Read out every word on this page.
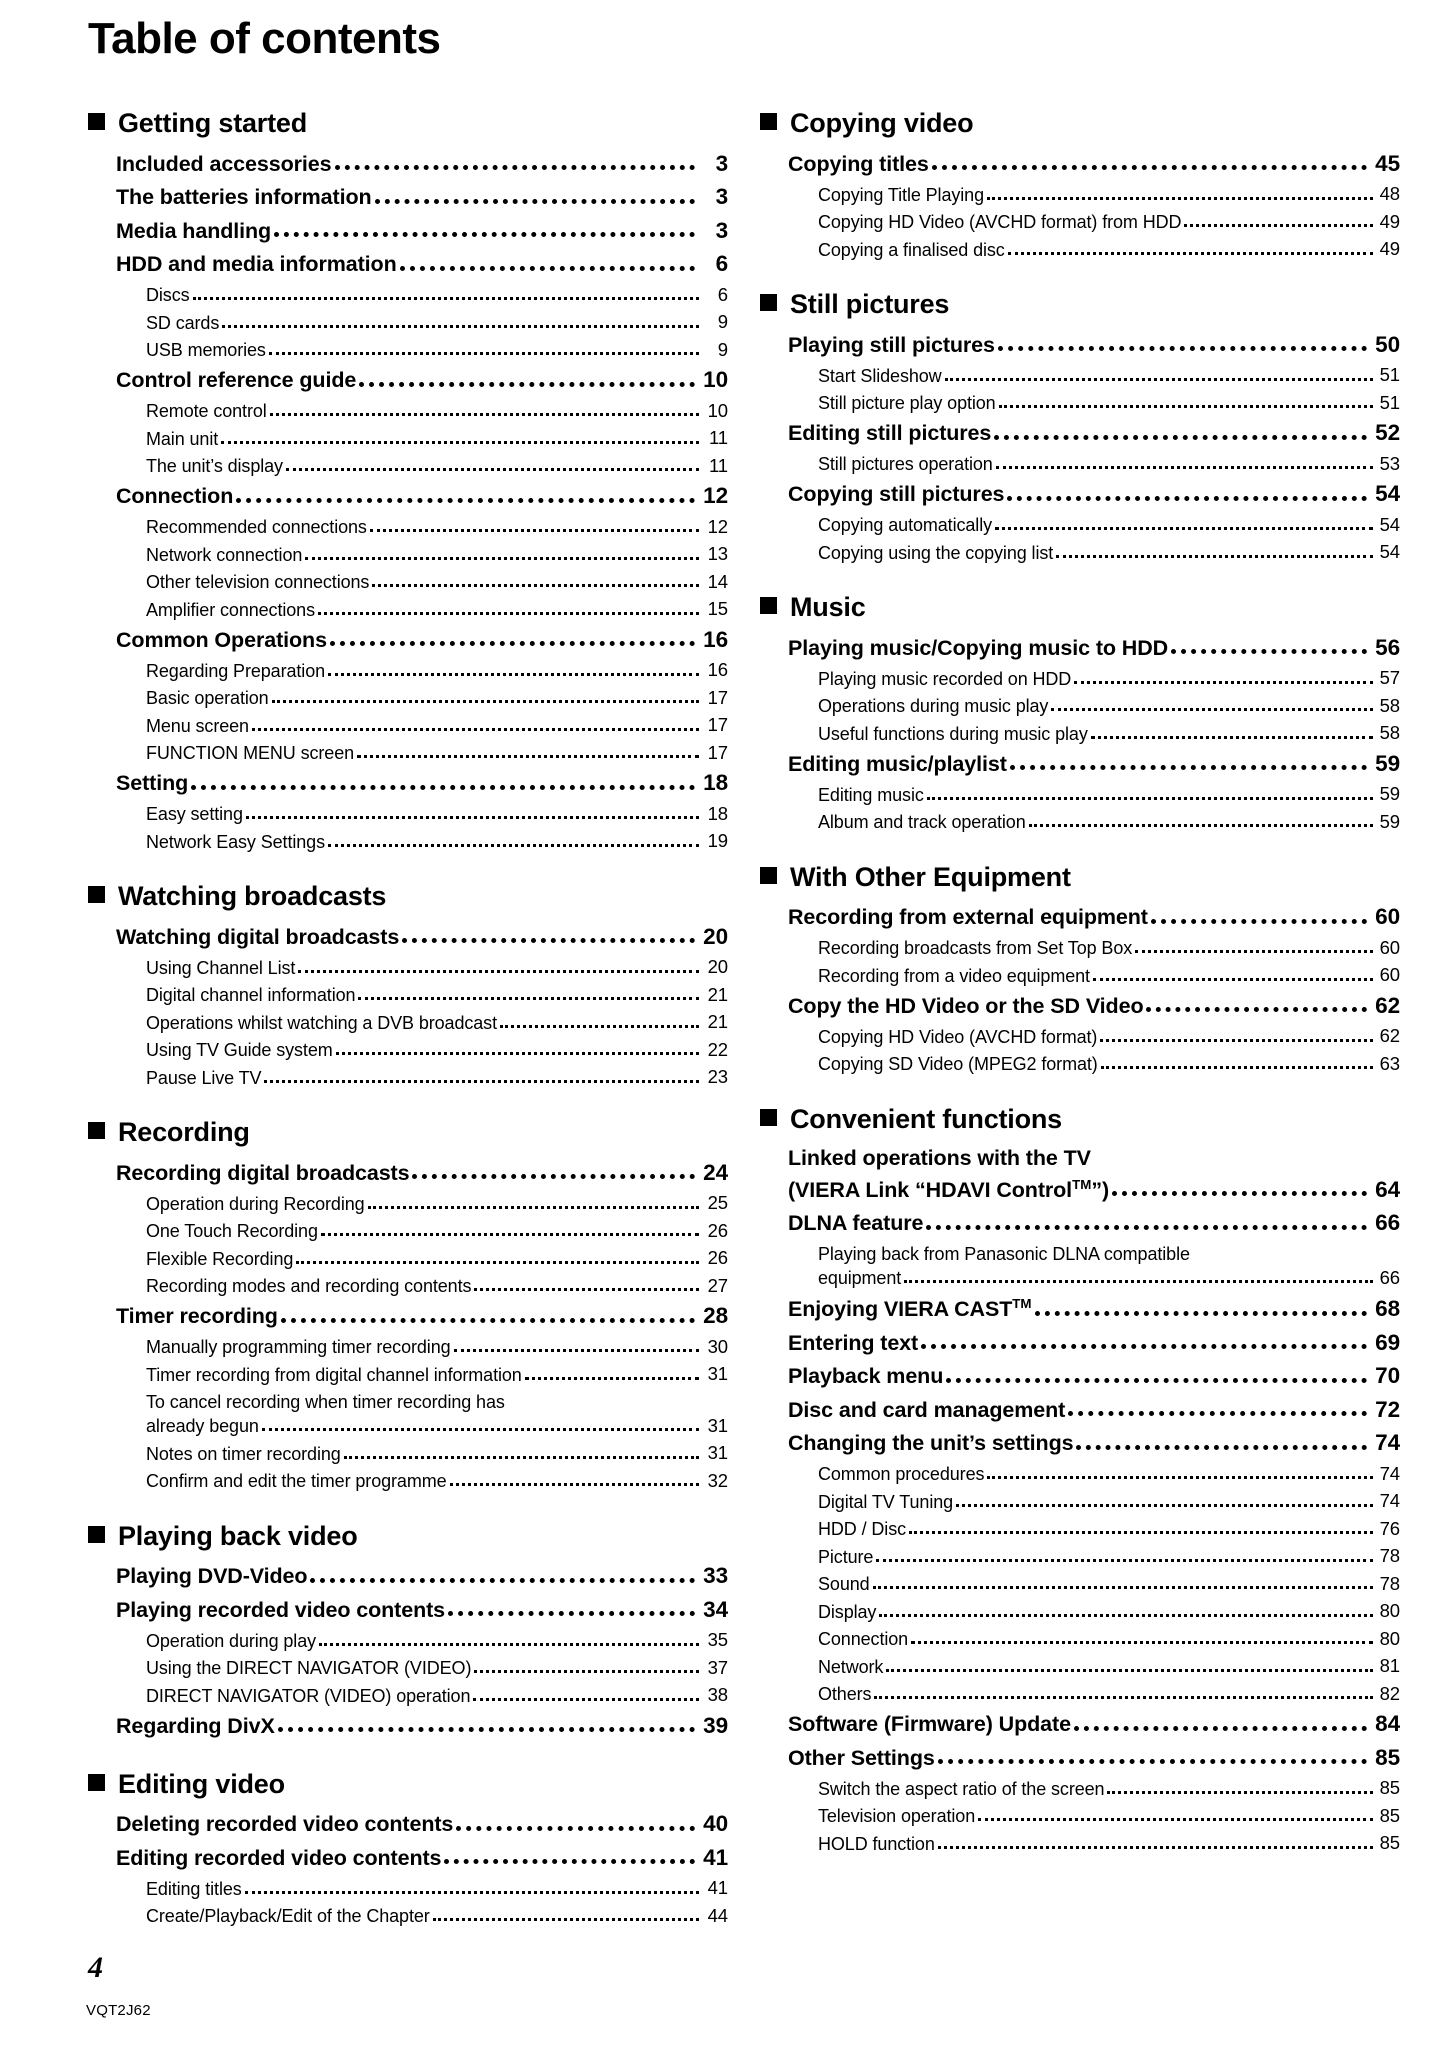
Table of contents
Getting started
Included accessories	3
The batteries information	3
Media handling	3
HDD and media information	6
Discs	6
SD cards	9
USB memories	9
Control reference guide	10
Remote control	10
Main unit	11
The unit’s display	11
Connection	12
Recommended connections	12
Network connection	13
Other television connections	14
Amplifier connections	15
Common Operations	16
Regarding Preparation	16
Basic operation	17
Menu screen	17
FUNCTION MENU screen	17
Setting	18
Easy setting	18
Network Easy Settings	19
Watching broadcasts
Watching digital broadcasts	20
Using Channel List	20
Digital channel information	21
Operations whilst watching a DVB broadcast	21
Using TV Guide system	22
Pause Live TV	23
Recording
Recording digital broadcasts	24
Operation during Recording	25
One Touch Recording	26
Flexible Recording	26
Recording modes and recording contents	27
Timer recording	28
Manually programming timer recording	30
Timer recording from digital channel information	31
To cancel recording when timer recording has
already begun	31
Notes on timer recording	31
Confirm and edit the timer programme	32
Playing back video
Playing DVD-Video	33
Playing recorded video contents	34
Operation during play	35
Using the DIRECT NAVIGATOR (VIDEO)	37
DIRECT NAVIGATOR (VIDEO) operation	38
Regarding DivX	39
Editing video
Deleting recorded video contents	40
Editing recorded video contents	41
Editing titles	41
Create/Playback/Edit of the Chapter	44
Copying video
Copying titles	45
Copying Title Playing	48
Copying HD Video (AVCHD format) from HDD	49
Copying a finalised disc	49
Still pictures
Playing still pictures	50
Start Slideshow	51
Still picture play option	51
Editing still pictures	52
Still pictures operation	53
Copying still pictures	54
Copying automatically	54
Copying using the copying list	54
Music
Playing music/Copying music to HDD	56
Playing music recorded on HDD	57
Operations during music play	58
Useful functions during music play	58
Editing music/playlist	59
Editing music	59
Album and track operation	59
With Other Equipment
Recording from external equipment	60
Recording broadcasts from Set Top Box	60
Recording from a video equipment	60
Copy the HD Video or the SD Video	62
Copying HD Video (AVCHD format)	62
Copying SD Video (MPEG2 format)	63
Convenient functions
Linked operations with the TV
(VIERA Link “HDAVI Control™”)	64
DLNA feature	66
Playing back from Panasonic DLNA compatible
equipment	66
Enjoying VIERA CAST™	68
Entering text	69
Playback menu	70
Disc and card management	72
Changing the unit’s settings	74
Common procedures	74
Digital TV Tuning	74
HDD / Disc	76
Picture	78
Sound	78
Display	80
Connection	80
Network	81
Others	82
Software (Firmware) Update	84
Other Settings	85
Switch the aspect ratio of the screen	85
Television operation	85
HOLD function	85
4
VQT2J62
